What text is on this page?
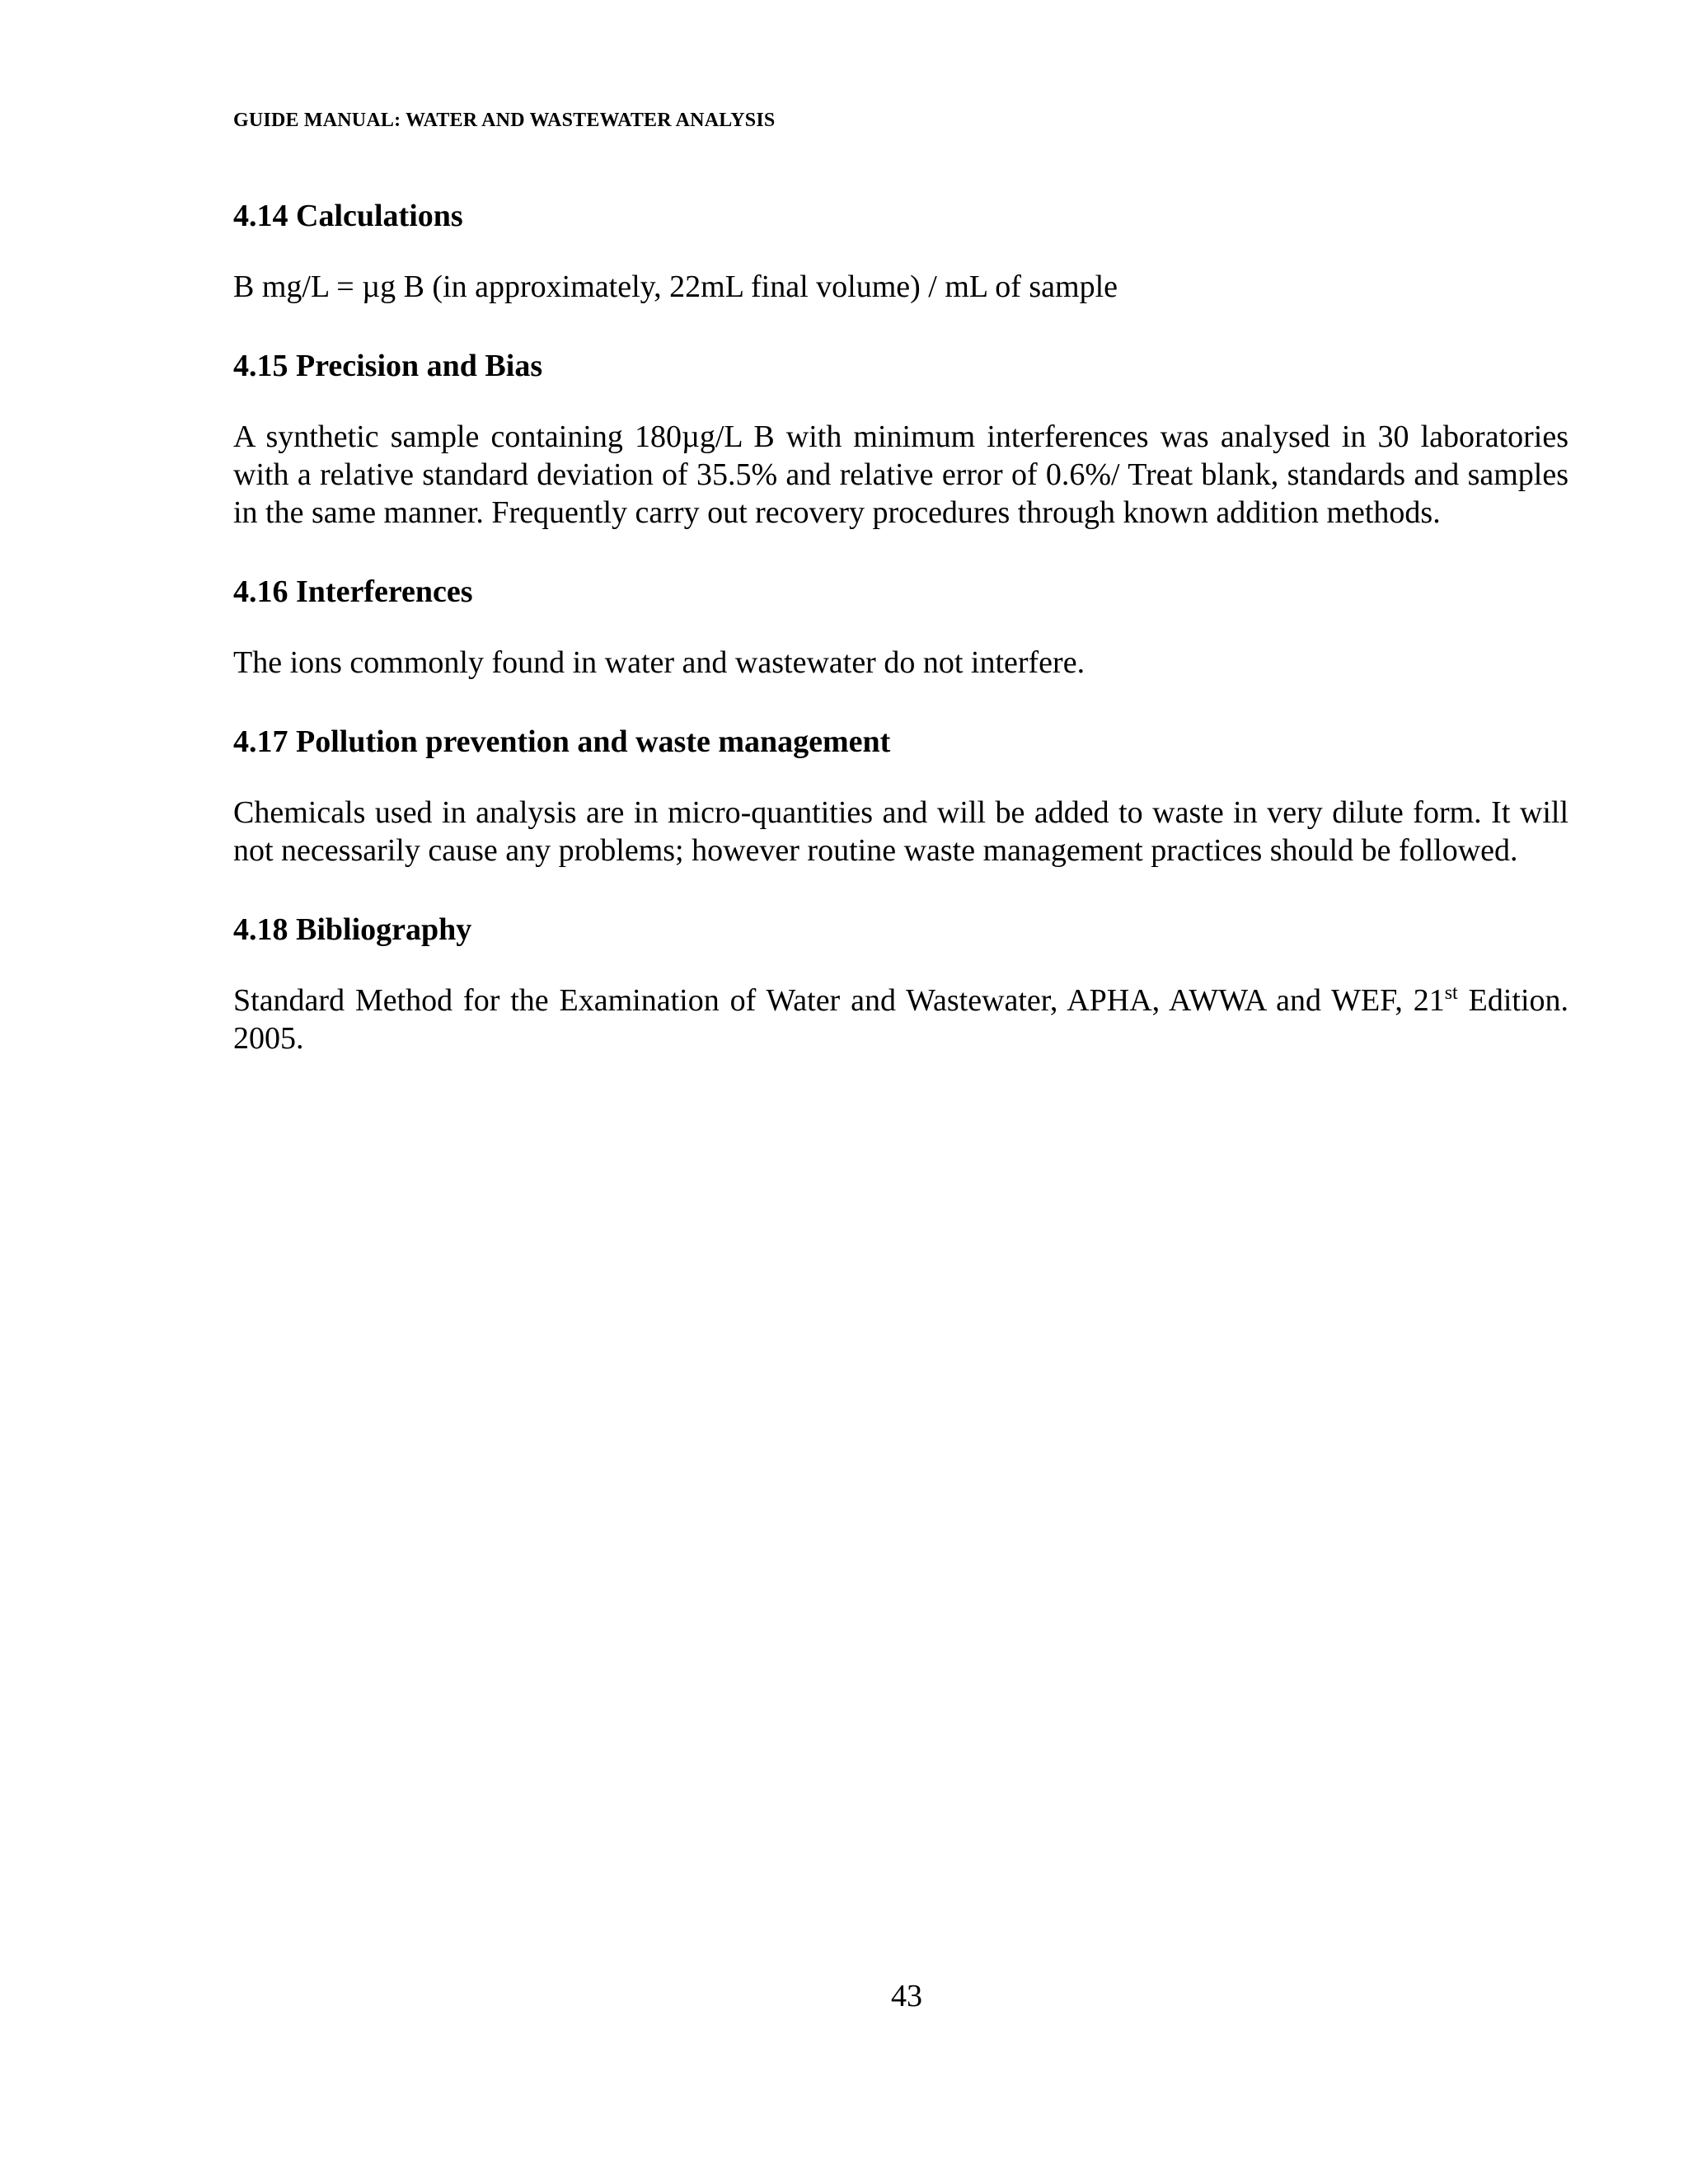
GUIDE MANUAL: WATER AND WASTEWATER ANALYSIS
4.14 Calculations

B mg/L = µg B (in approximately, 22mL final volume) / mL of sample

4.15 Precision and Bias

A synthetic sample containing 180µg/L B with minimum interferences was analysed in 30 laboratories with a relative standard deviation of 35.5% and relative error of 0.6%/ Treat blank, standards and samples in the same manner. Frequently carry out recovery procedures through known addition methods.

4.16 Interferences

The ions commonly found in water and wastewater do not interfere.

4.17 Pollution prevention and waste management

Chemicals used in analysis are in micro-quantities and will be added to waste in very dilute form. It will not necessarily cause any problems; however routine waste management practices should be followed.

4.18 Bibliography

Standard Method for the Examination of Water and Wastewater, APHA, AWWA and WEF, 21st Edition. 2005.

43
